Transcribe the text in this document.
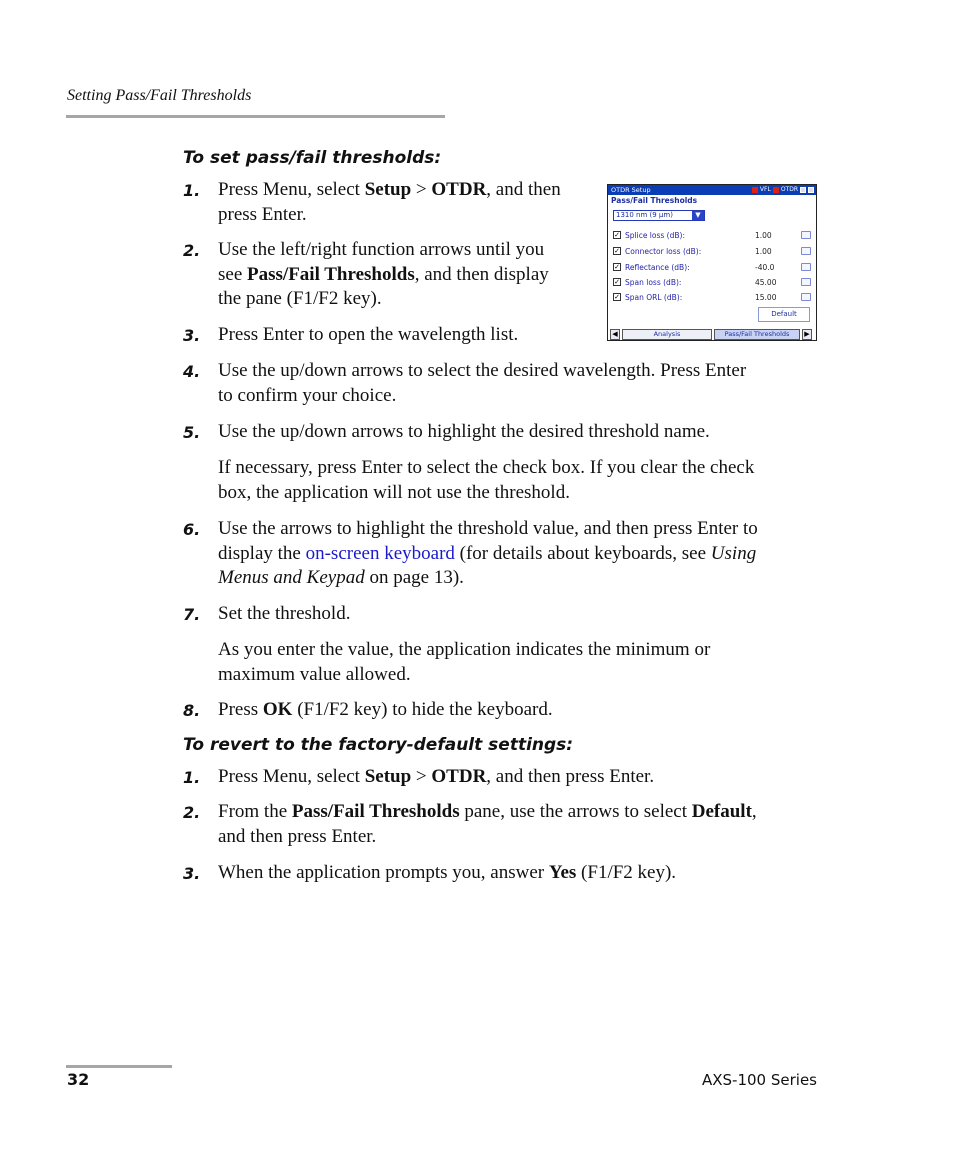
Setting Pass/Fail Thresholds
To set pass/fail thresholds:
1. Press Menu, select Setup > OTDR, and then
press Enter.
2. Use the left/right function arrows until you
see Pass/Fail Thresholds, and then display
the pane (F1/F2 key).
3. Press Enter to open the wavelength list.
4. Use the up/down arrows to select the desired wavelength. Press Enter
to confirm your choice.
5. Use the up/down arrows to highlight the desired threshold name.
If necessary, press Enter to select the check box. If you clear the check
box, the application will not use the threshold.
6. Use the arrows to highlight the threshold value, and then press Enter to
display the on-screen keyboard (for details about keyboards, see Using
Menus and Keypad on page 13).
7. Set the threshold.
As you enter the value, the application indicates the minimum or
maximum value allowed.
8. Press OK (F1/F2 key) to hide the keyboard.
To revert to the factory-default settings:
1. Press Menu, select Setup > OTDR, and then press Enter.
2. From the Pass/Fail Thresholds pane, use the arrows to select Default,
and then press Enter.
3. When the application prompts you, answer Yes (F1/F2 key).
OTDR Setup	VFL OTDR
Pass/Fail Thresholds
1310 nm (9 µm)	▼
✓ Splice loss (dB):	1.00
✓ Connector loss (dB):	1.00
✓ Reflectance (dB):	-40.0
✓ Span loss (dB):	45.00
✓ Span ORL (dB):	15.00
Default
◀	Analysis	Pass/Fail Thresholds	▶
32	AXS-100 Series
